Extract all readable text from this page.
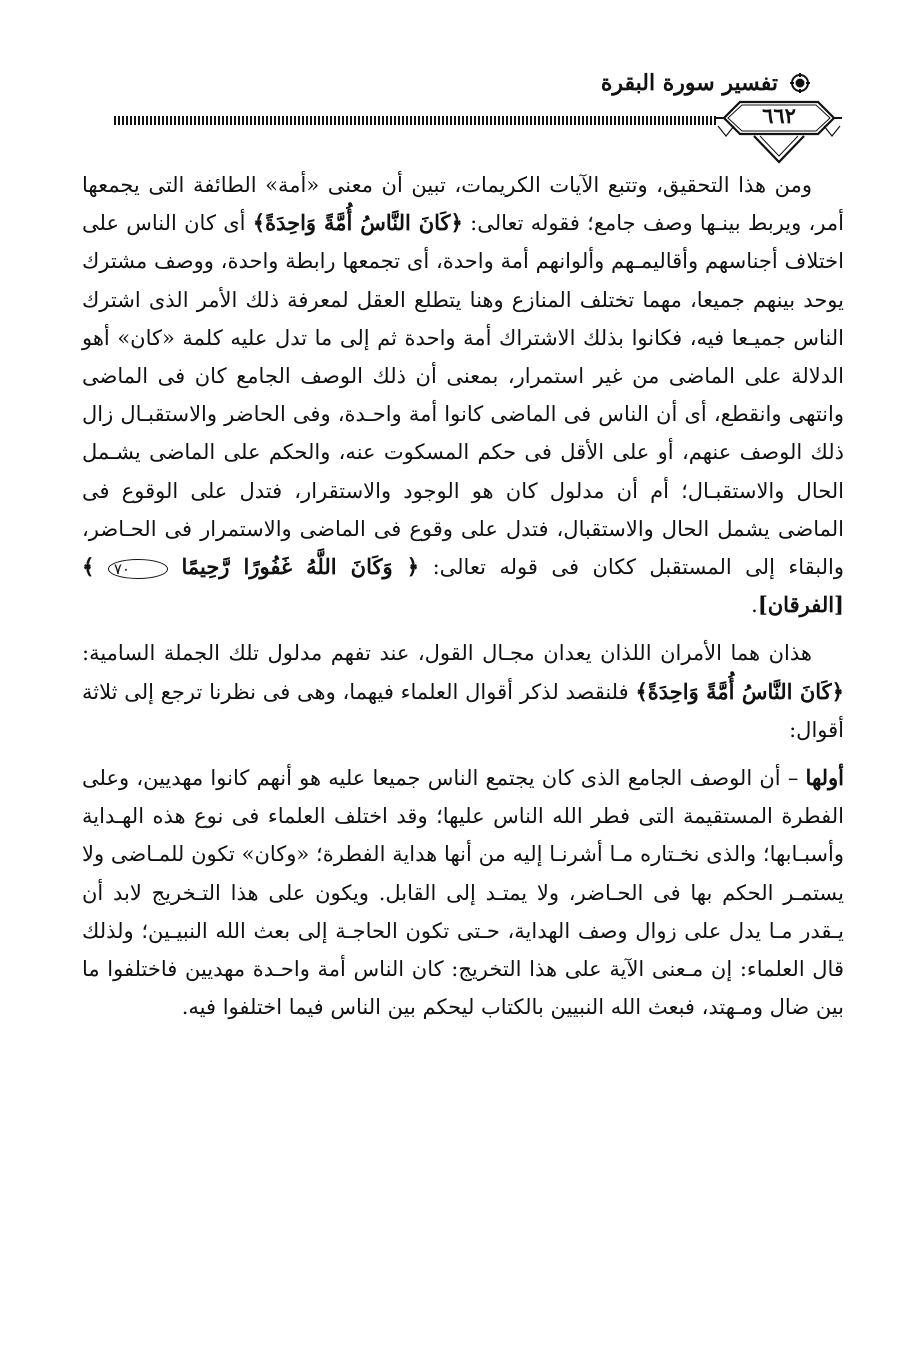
تفسير سورة البقرة
٦٦٢

ومن هذا التحقيق، وتتبع الآيات الكريمات، تبين أن معنى «أمة» الطائفة التى يجمعها أمر، ويربط بينـها وصف جامع؛ فقوله تعالى: ﴿كَانَ النَّاسُ أُمَّةً وَاحِدَةً﴾ أى كان الناس على اختلاف أجناسهم وأقاليمـهم وألوانهم أمة واحدة، أى تجمعها رابطة واحدة، ووصف مشترك يوحد بينهم جميعا، مهما تختلف المنازع وهنا يتطلع العقل لمعرفة ذلك الأمر الذى اشترك الناس جميـعا فيه، فكانوا بذلك الاشتراك أمة واحدة ثم إلى ما تدل عليه كلمة «كان» أهو الدلالة على الماضى من غير استمرار، بمعنى أن ذلك الوصف الجامع كان فى الماضى وانتهى وانقطع، أى أن الناس فى الماضى كانوا أمة واحـدة، وفى الحاضر والاستقبـال زال ذلك الوصف عنهم، أو على الأقل فى حكم المسكوت عنه، والحكم على الماضى يشـمل الحال والاستقبـال؛ أم أن مدلول كان هو الوجود والاستقرار، فتدل على الوقوع فى الماضى يشمل الحال والاستقبال، فتدل على وقوع فى الماضى والاستمرار فى الحـاضر، والبقاء إلى المستقبل ككان فى قوله تعالى: ﴿ وَكَانَ اللَّهُ غَفُورًا رَّحِيمًا ٧٠ ﴾ [الفرقان].

هذان هما الأمران اللذان يعدان مجـال القول، عند تفهم مدلول تلك الجملة السامية: ﴿كَانَ النَّاسُ أُمَّةً وَاحِدَةً﴾ فلنقصد لذكر أقوال العلماء فيهما، وهى فى نظرنا ترجع إلى ثلاثة أقوال:

أولها – أن الوصف الجامع الذى كان يجتمع الناس جميعا عليه هو أنهم كانوا مهديين، وعلى الفطرة المستقيمة التى فطر الله الناس عليها؛ وقد اختلف العلماء فى نوع هذه الهـداية وأسبـابها؛ والذى نخـتاره مـا أشرنـا إليه من أنها هداية الفطرة؛ «وكان» تكون للمـاضى ولا يستمـر الحكم بها فى الحـاضر، ولا يمتـد إلى القابل. ويكون على هذا التـخريج لابد أن يـقدر مـا يدل على زوال وصف الهداية، حـتى تكون الحاجـة إلى بعث الله النبيـين؛ ولذلك قال العلماء: إن مـعنى الآية على هذا التخريج: كان الناس أمة واحـدة مهديين فاختلفوا ما بين ضال ومـهتد، فبعث الله النبيين بالكتاب ليحكم بين الناس فيما اختلفوا فيه.
